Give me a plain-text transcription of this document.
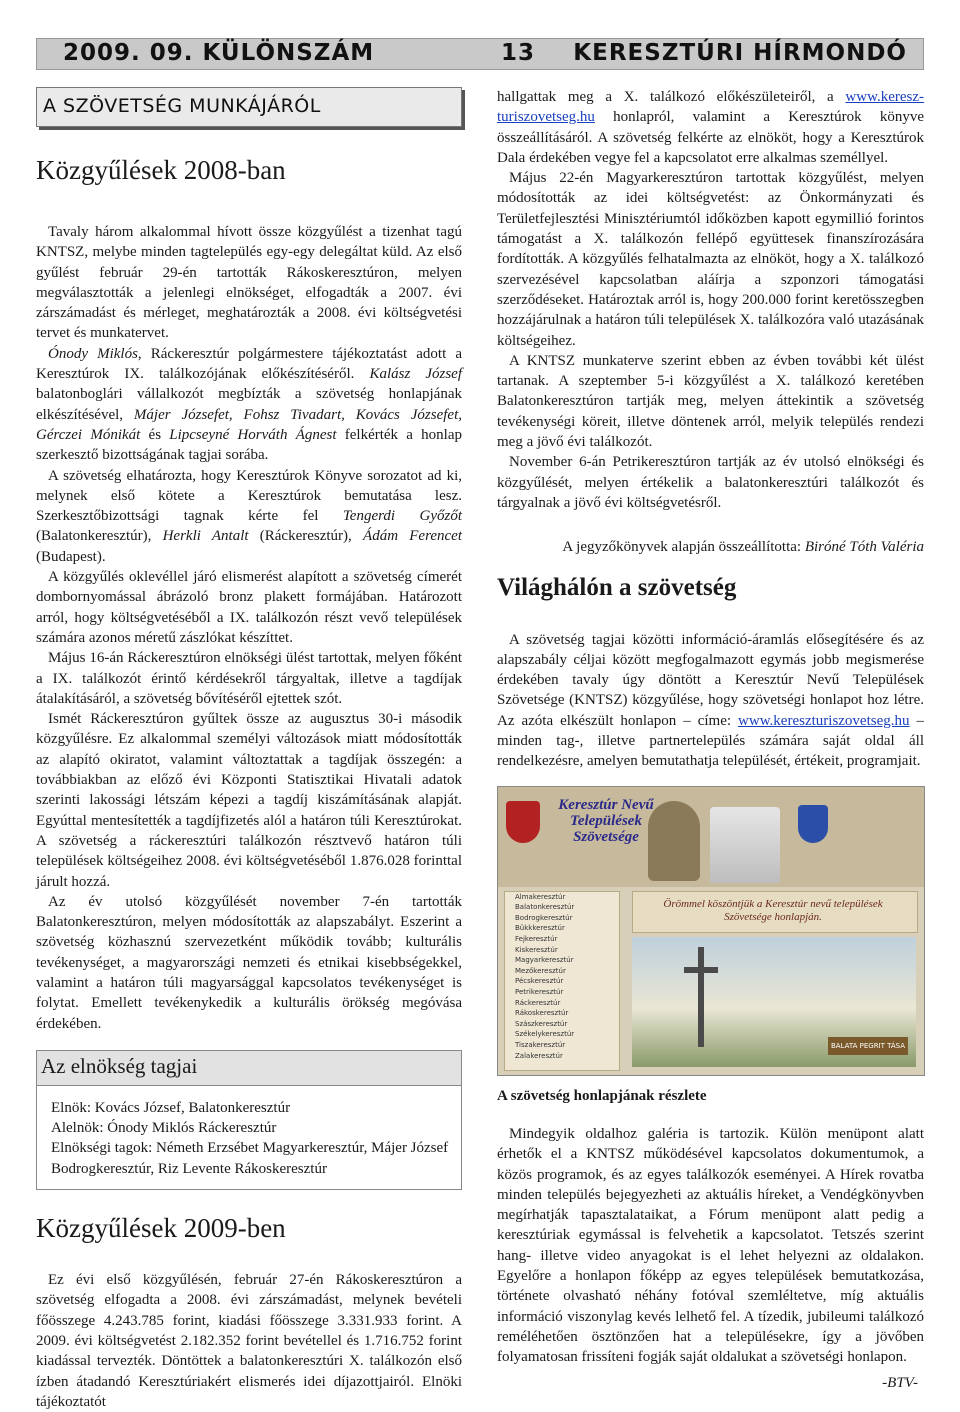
2009. 09. KÜLÖNSZÁM	13 KERESZTÚRI HÍRMONDÓ
A SZÖVETSÉG MUNKÁJÁRÓL
Közgyűlések 2008-ban

Tavaly három alkalommal hívott össze közgyűlést a tizenhat tagú KNTSZ, melybe minden tagtelepülés egy-egy delegáltat küld. Az első gyűlést február 29-én tartották Rákoskeresztúron, melyen megválasztották a jelenlegi elnökséget, elfogadták a 2007. évi zárszámadást és mérleget, meghatározták a 2008. évi költségvetési tervet és munkatervet.

Ónody Miklós, Ráckeresztúr polgármestere tájékoztatást adott a Keresztúrok IX. találkozójának előkészítéséről. Kalász József balatonboglári vállalkozót megbízták a szövetség honlapjának elkészítésével, Májer Józsefet, Fohsz Tivadart, Kovács Józsefet, Gérczei Mónikát és Lipcseyné Horváth Ágnest felkérték a honlap szerkesztő bizottságának tagjai sorába.

A szövetség elhatározta, hogy Keresztúrok Könyve sorozatot ad ki, melynek első kötete a Keresztúrok bemutatása lesz. Szerkesztőbizottsági tagnak kérte fel Tengerdi Győzőt (Balatonkeresztúr), Herkli Antalt (Ráckeresztúr), Ádám Ferencet (Budapest).

A közgyűlés oklevéllel járó elismerést alapított a szövetség címerét dombornyomással ábrázoló bronz plakett formájában. Határozott arról, hogy költségvetéséből a IX. találkozón részt vevő települések számára azonos méretű zászlókat készíttet.

Május 16-án Ráckeresztúron elnökségi ülést tartottak, melyen főként a IX. találkozót érintő kérdésekről tárgyaltak, illetve a tagdíjak átalakításáról, a szövetség bővítéséről ejtettek szót.

Ismét Ráckeresztúron gyűltek össze az augusztus 30-i második közgyűlésre. Ez alkalommal személyi változások miatt módosították az alapító okiratot, valamint változtattak a tagdíjak összegén: a továbbiakban az előző évi Központi Statisztikai Hivatali adatok szerinti lakossági létszám képezi a tagdíj kiszámításának alapját. Egyúttal mentesítették a tagdíjfizetés alól a határon túli Keresztúrokat. A szövetség a ráckeresztúri találkozón résztvevő határon túli települések költségeihez 2008. évi költségvetéséből 1.876.028 forinttal járult hozzá.

Az év utolsó közgyűlését november 7-én tartották Balatonkeresztúron, melyen módosították az alapszabályt. Eszerint a szövetség közhasznú szervezetként működik tovább; kulturális tevékenységet, a magyarországi nemzeti és etnikai kisebbségekkel, valamint a határon túli magyarsággal kapcsolatos tevékenységet is folytat. Emellett tevékenykedik a kulturális örökség megóvása érdekében.

Az elnökség tagjai

Elnök: Kovács József, Balatonkeresztúr

Alelnök: Ónody Miklós Ráckeresztúr

Elnökségi tagok: Németh Erzsébet Magyarkeresztúr, Májer József Bodrogkeresztúr, Riz Levente Rákoskeresztúr

Közgyűlések 2009-ben

Ez évi első közgyűlésén, február 27-én Rákoskeresztúron a szövetség elfogadta a 2008. évi zárszámadást, melynek bevételi főösszege 4.243.785 forint, kiadási főösszege 3.331.933 forint. A 2009. évi költségvetést 2.182.352 forint bevétellel és 1.716.752 forint kiadással tervezték. Döntöttek a balatonkeresztúri X. találkozón első ízben átadandó Keresztúriakért elismerés idei díjazottjairól. Elnöki tájékoztatót

hallgattak meg a X. találkozó előkészületeiről, a www.keresz-turiszovetseg.hu honlapról, valamint a Keresztúrok könyve összeállításáról. A szövetség felkérte az elnököt, hogy a Keresztúrok Dala érdekében vegye fel a kapcsolatot erre alkalmas személlyel.

Május 22-én Magyarkeresztúron tartottak közgyűlést, melyen módosították az idei költségvetést: az Önkormányzati és Területfejlesztési Minisztériumtól időközben kapott egymillió forintos támogatást a X. találkozón fellépő együttesek finanszírozására fordították. A közgyűlés felhatalmazta az elnököt, hogy a X. találkozó szervezésével kapcsolatban aláírja a szponzori támogatási szerződéseket. Határoztak arról is, hogy 200.000 forint keretösszegben hozzájárulnak a határon túli települések X. találkozóra való utazásának költségeihez.

A KNTSZ munkaterve szerint ebben az évben további két ülést tartanak. A szeptember 5-i közgyűlést a X. találkozó keretében Balatonkeresztúron tartják meg, melyen áttekintik a szövetség tevékenységi köreit, illetve döntenek arról, melyik település rendezi meg a jövő évi találkozót.

November 6-án Petrikeresztúron tartják az év utolsó elnökségi és közgyűlését, melyen értékelik a balatonkeresztúri találkozót és tárgyalnak a jövő évi költségvetésről.

A jegyzőkönyvek alapján összeállította: Biróné Tóth Valéria

Világhálón a szövetség

A szövetség tagjai közötti információ-áramlás elősegítésére és az alapszabály céljai között megfogalmazott egymás jobb megismerése érdekében tavaly úgy döntött a Keresztúr Nevű Települések Szövetsége (KNTSZ) közgyűlése, hogy szövetségi honlapot hoz létre. Az azóta elkészült honlapon – címe: www.kereszturiszovetseg.hu – minden tag-, illetve partnertelepülés számára saját oldal áll rendelkezésre, amelyen bemutathatja települését, értékeit, programjait.

Keresztúr Nevű Települések Szövetsége
Almakeresztúr
Balatonkeresztúr
Bodrogkeresztúr
Bükkkeresztúr
Fejkeresztúr
Kiskeresztúr
Magyarkeresztúr
Mezőkeresztúr
Pécskeresztúr
Petrikeresztúr
Ráckeresztúr
Rákoskeresztúr
Szászkeresztúr
Székelykeresztúr
Tiszakeresztúr
Zalakeresztúr
Örömmel köszöntjük a Keresztúr nevű települések Szövetsége honlapján.
BALATA PEGRIT TÁSA

A szövetség honlapjának részlete

Mindegyik oldalhoz galéria is tartozik. Külön menüpont alatt érhetők el a KNTSZ működésével kapcsolatos dokumentumok, a közös programok, és az egyes találkozók eseményei. A Hírek rovatba minden település bejegyezheti az aktuális híreket, a Vendégkönyvben megírhatják tapasztalataikat, a Fórum menüpont alatt pedig a keresztúriak egymással is felvehetik a kapcsolatot. Tetszés szerint hang- illetve video anyagokat is el lehet helyezni az oldalakon. Egyelőre a honlapon főképp az egyes települések bemutatkozása, története olvasható néhány fotóval szemléltetve, míg aktuális információ viszonylag kevés lelhető fel. A tízedik, jubileumi találkozó reméléhetően ösztönzően hat a településekre, így a jövőben folyamatosan frissíteni fogják saját oldalukat a szövetségi honlapon.

-BTV-
